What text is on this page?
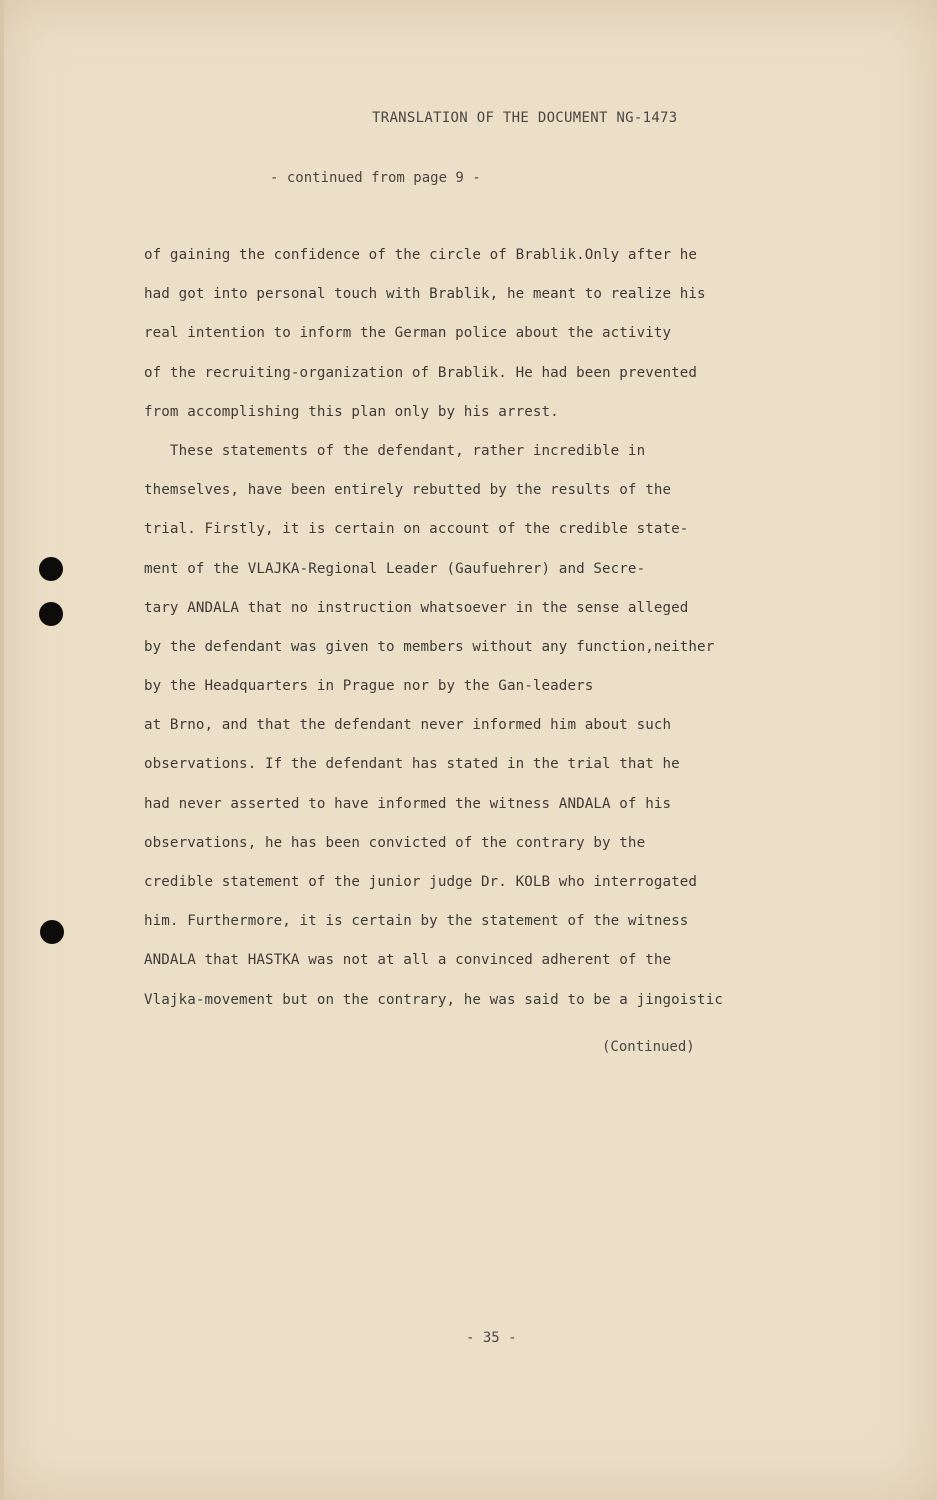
TRANSLATION OF THE DOCUMENT NG-1473
- continued from page 9 -
of gaining the confidence of the circle of Brablik.Only after he
had got into personal touch with Brablik, he meant to realize his
real intention to inform the German police about the activity
of the recruiting-organization of Brablik. He had been prevented
from accomplishing this plan only by his arrest.
These statements of the defendant, rather incredible in
themselves, have been entirely rebutted by the results of the
trial. Firstly, it is certain on account of the credible state-
ment of the VLAJKA-Regional Leader (Gaufuehrer) and Secre-
tary ANDALA that no instruction whatsoever in the sense alleged
by the defendant was given to members without any function,neither
by the Headquarters in Prague nor by the Gan-leaders
at Brno, and that the defendant never informed him about such
observations. If the defendant has stated in the trial that he
had never asserted to have informed the witness ANDALA of his
observations, he has been convicted of the contrary by the
credible statement of the junior judge Dr. KOLB who interrogated
him. Furthermore, it is certain by the statement of the witness
ANDALA that HASTKA was not at all a convinced adherent of the
Vlajka-movement but on the contrary, he was said to be a jingoistic
(Continued)
- 35 -
